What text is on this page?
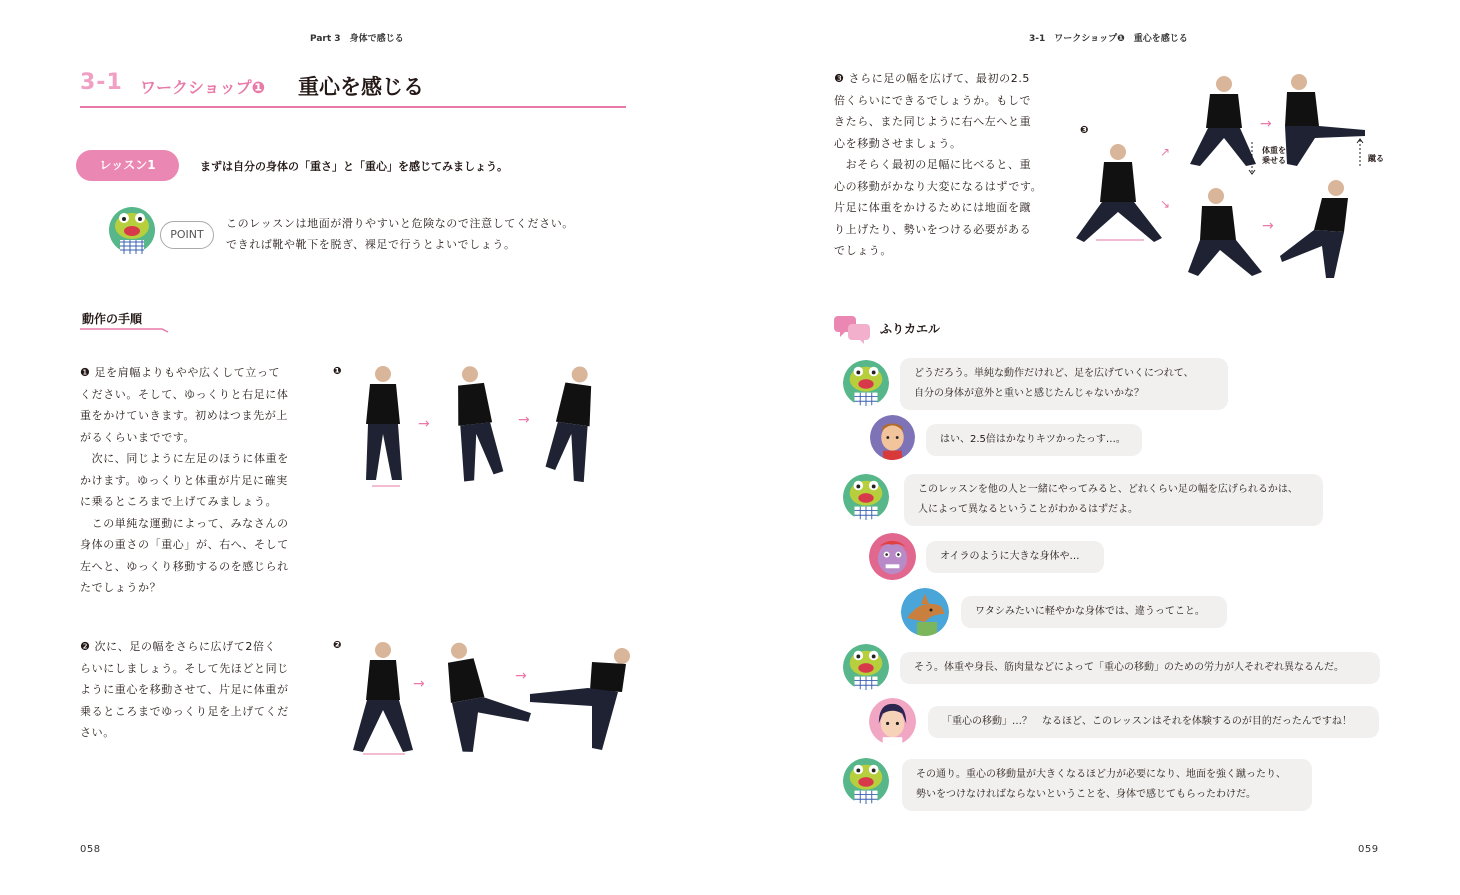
Part 3　身体で感じる
3-1 ワークショップ❶ 重心を感じる
レッスン1	まずは自分の身体の「重さ」と「重心」を感じてみましょう。
POINT

このレッスンは地面が滑りやすいと危険なので注意してください。

できれば靴や靴下を脱ぎ、裸足で行うとよいでしょう。

動作の手順

❶ 足を肩幅よりもやや広くして立って

ください。そして、ゆっくりと右足に体

重をかけていきます。初めはつま先が上

がるくらいまでです。

　次に、同じように左足のほうに体重を

かけます。ゆっくりと体重が片足に確実

に乗るところまで上げてみましょう。

　この単純な運動によって、みなさんの

身体の重さの「重心」が、右へ、そして

左へと、ゆっくり移動するのを感じられ

たでしょうか？

❶
→	→

❷ 次に、足の幅をさらに広げて2倍く

らいにしましょう。そして先ほどと同じ

ように重心を移動させて、片足に体重が

乗るところまでゆっくり足を上げてくだ

さい。

❷
→	→
058
3-1　ワークショップ❶　重心を感じる

❸ さらに足の幅を広げて、最初の2.5

倍くらいにできるでしょうか。もしで

きたら、また同じように右へ左へと重

心を移動させましょう。

　おそらく最初の足幅に比べると、重

心の移動がかなり大変になるはずです。

片足に体重をかけるためには地面を蹴

り上げたり、勢いをつける必要がある

でしょう。

❸
↗
↘
→
→
体重を
乗せる	蹴る
ふりカエル
どうだろう。単純な動作だけれど、足を広げていくにつれて、
自分の身体が意外と重いと感じたんじゃないかな？
はい、2.5倍はかなりキツかったっす…。
このレッスンを他の人と一緒にやってみると、どれくらい足の幅を広げられるかは、
人によって異なるということがわかるはずだよ。
オイラのように大きな身体や…
ワタシみたいに軽やかな身体では、違うってこと。
そう。体重や身長、筋肉量などによって「重心の移動」のための労力が人それぞれ異なるんだ。
「重心の移動」…？　なるほど、このレッスンはそれを体験するのが目的だったんですね！
その通り。重心の移動量が大きくなるほど力が必要になり、地面を強く蹴ったり、
勢いをつけなければならないということを、身体で感じてもらったわけだ。
059
